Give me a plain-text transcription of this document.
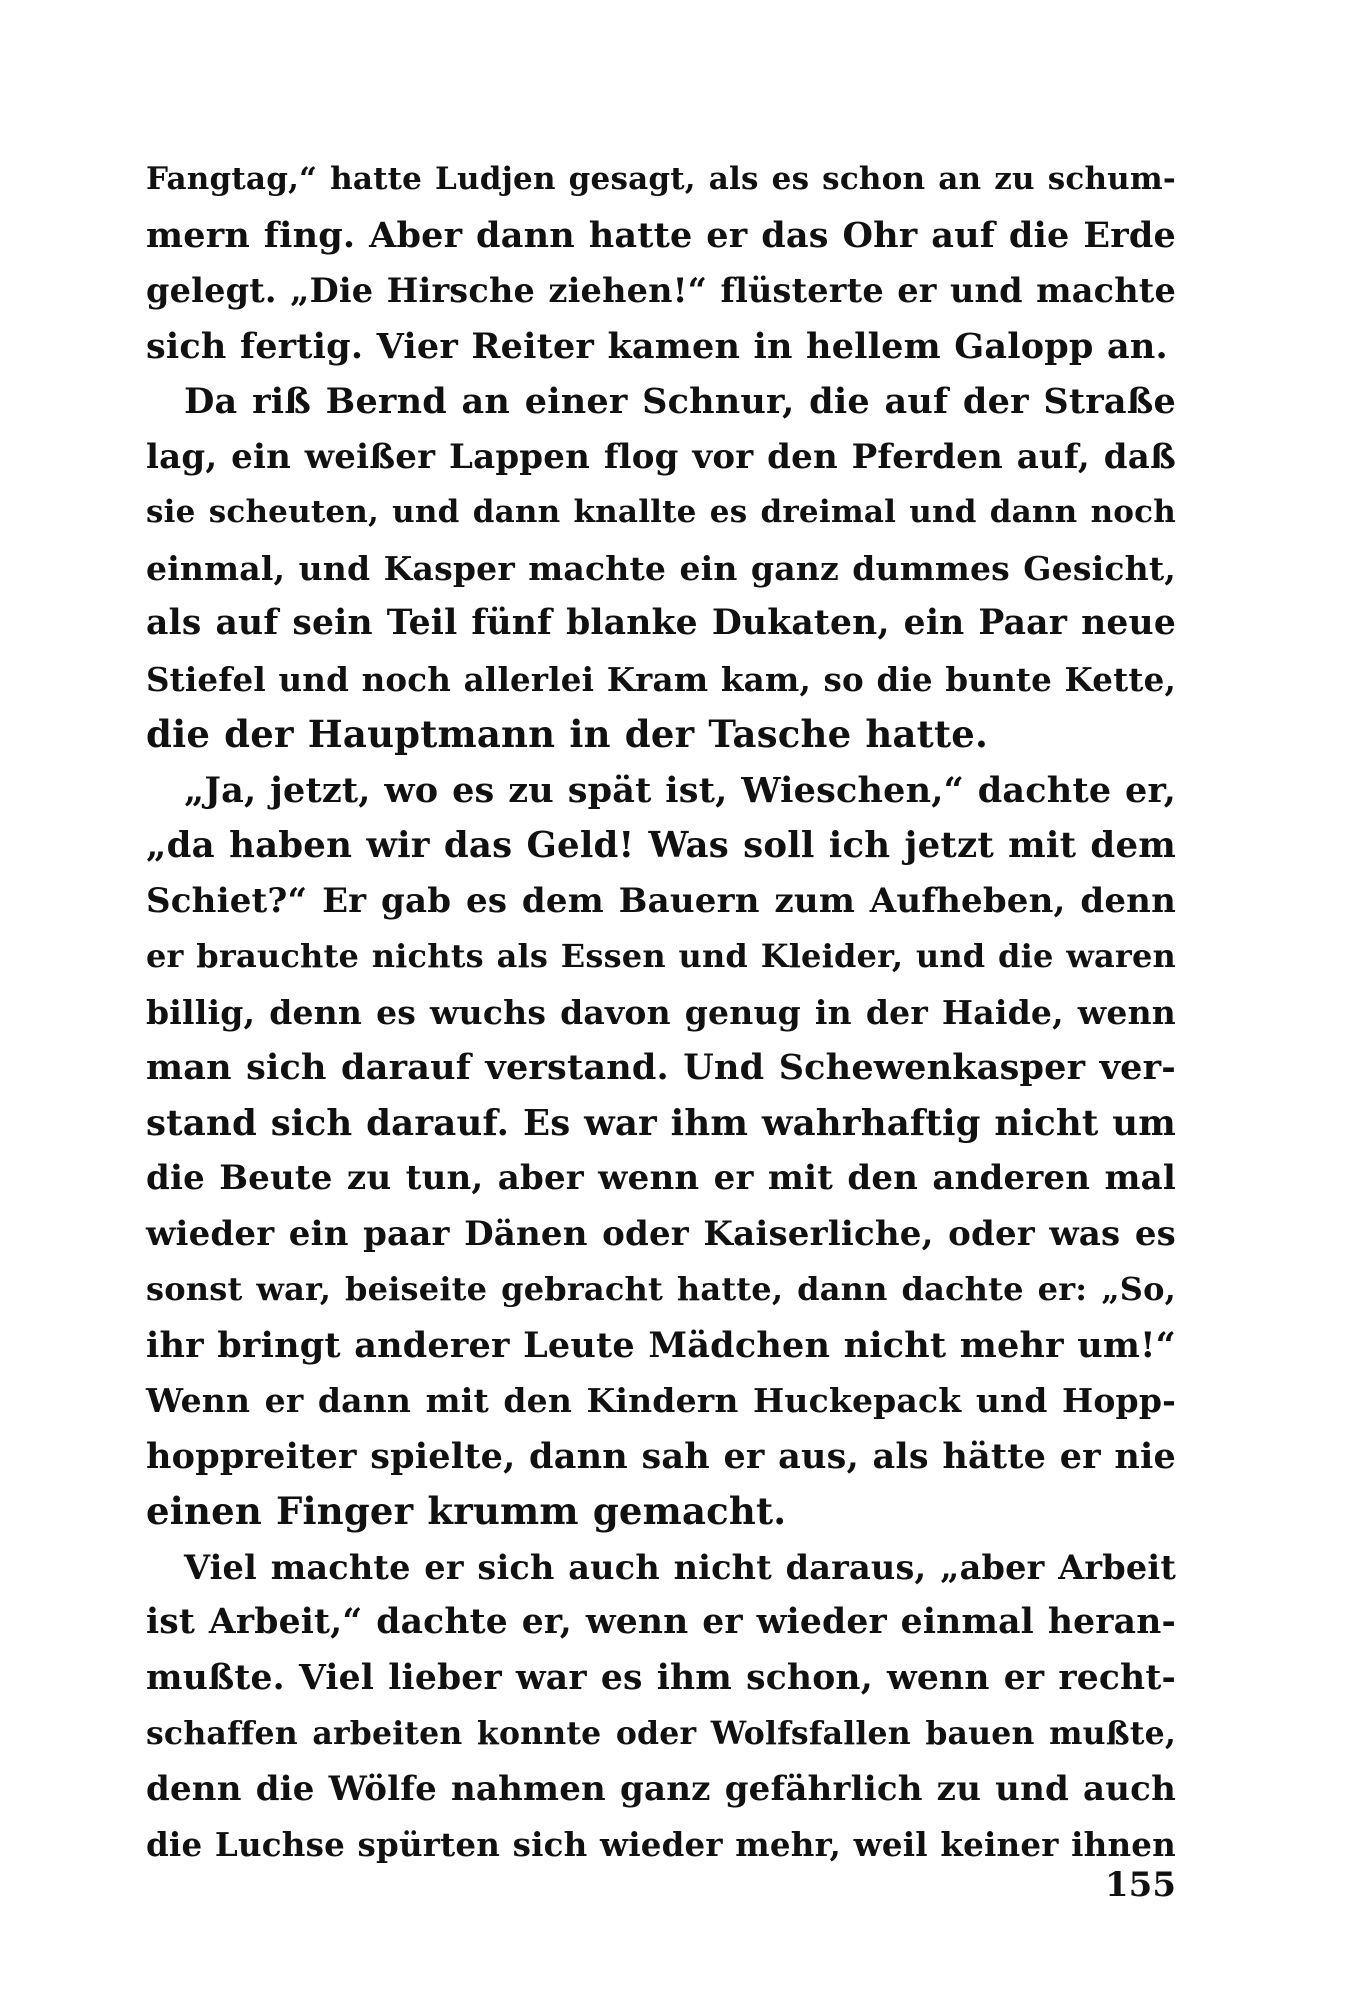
Fangtag,“ hatte Ludjen gesagt, als es schon an zu schum-
mern fing. Aber dann hatte er das Ohr auf die Erde
gelegt. „Die Hirsche ziehen!“ flüsterte er und machte
sich fertig. Vier Reiter kamen in hellem Galopp an.
Da riß Bernd an einer Schnur, die auf der Straße
lag, ein weißer Lappen flog vor den Pferden auf, daß
sie scheuten, und dann knallte es dreimal und dann noch
einmal, und Kasper machte ein ganz dummes Gesicht,
als auf sein Teil fünf blanke Dukaten, ein Paar neue
Stiefel und noch allerlei Kram kam, so die bunte Kette,
die der Hauptmann in der Tasche hatte.
„Ja, jetzt, wo es zu spät ist, Wieschen,“ dachte er,
„da haben wir das Geld! Was soll ich jetzt mit dem
Schiet?“ Er gab es dem Bauern zum Aufheben, denn
er brauchte nichts als Essen und Kleider, und die waren
billig, denn es wuchs davon genug in der Haide, wenn
man sich darauf verstand. Und Schewenkasper ver-
stand sich darauf. Es war ihm wahrhaftig nicht um
die Beute zu tun, aber wenn er mit den anderen mal
wieder ein paar Dänen oder Kaiserliche, oder was es
sonst war, beiseite gebracht hatte, dann dachte er: „So,
ihr bringt anderer Leute Mädchen nicht mehr um!“
Wenn er dann mit den Kindern Huckepack und Hopp-
hoppreiter spielte, dann sah er aus, als hätte er nie
einen Finger krumm gemacht.
Viel machte er sich auch nicht daraus, „aber Arbeit
ist Arbeit,“ dachte er, wenn er wieder einmal heran-
mußte. Viel lieber war es ihm schon, wenn er recht-
schaffen arbeiten konnte oder Wolfsfallen bauen mußte,
denn die Wölfe nahmen ganz gefährlich zu und auch
die Luchse spürten sich wieder mehr, weil keiner ihnen
155
